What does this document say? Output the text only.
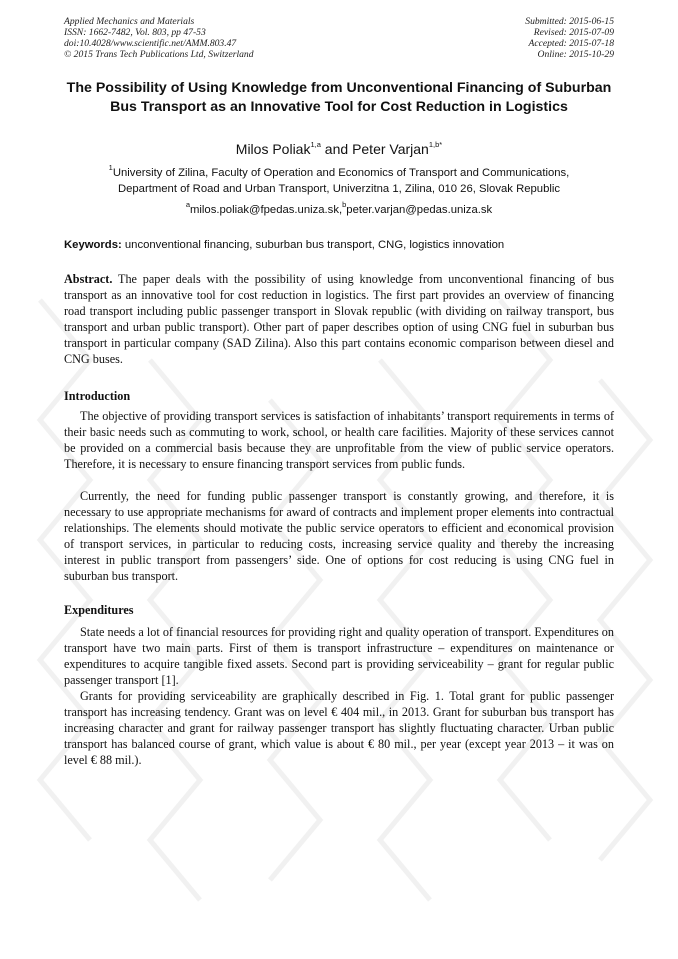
Applied Mechanics and Materials
ISSN: 1662-7482, Vol. 803, pp 47-53
doi:10.4028/www.scientific.net/AMM.803.47
© 2015 Trans Tech Publications Ltd, Switzerland
Submitted: 2015-06-15
Revised: 2015-07-09
Accepted: 2015-07-18
Online: 2015-10-29
The Possibility of Using Knowledge from Unconventional Financing of Suburban Bus Transport as an Innovative Tool for Cost Reduction in Logistics
Milos Poliak$^{1,a}$ and Peter Varjan$^{1,b*}$
$^1$University of Zilina, Faculty of Operation and Economics of Transport and Communications,
Department of Road and Urban Transport, Univerzitna 1, Zilina, 010 26, Slovak Republic
$^a$milos.poliak@fpedas.uniza.sk,$^b$peter.varjan@pedas.uniza.sk
Keywords: unconventional financing, suburban bus transport, CNG, logistics innovation

Abstract. The paper deals with the possibility of using knowledge from unconventional financing of bus transport as an innovative tool for cost reduction in logistics. The first part provides an overview of financing road transport including public passenger transport in Slovak republic (with dividing on railway transport, bus transport and urban public transport). Other part of paper describes option of using CNG fuel in suburban bus transport in particular company (SAD Zilina). Also this part contains economic comparison between diesel and CNG buses.

Introduction

The objective of providing transport services is satisfaction of inhabitants’ transport requirements in terms of their basic needs such as commuting to work, school, or health care facilities. Majority of these services cannot be provided on a commercial basis because they are unprofitable from the view of public service operators. Therefore, it is necessary to ensure financing transport services from public funds.

Currently, the need for funding public passenger transport is constantly growing, and therefore, it is necessary to use appropriate mechanisms for award of contracts and implement proper elements into contractual relationships. The elements should motivate the public service operators to efficient and economical provision of transport services, in particular to reducing costs, increasing service quality and thereby the increasing interest in public transport from passengers’ side. One of options for cost reducing is using CNG fuel in suburban bus transport.

Expenditures

State needs a lot of financial resources for providing right and quality operation of transport. Expenditures on transport have two main parts. First of them is transport infrastructure – expenditures on maintenance or expenditures to acquire tangible fixed assets. Second part is providing serviceability – grant for regular public passenger transport [1].

Grants for providing serviceability are graphically described in Fig. 1. Total grant for public passenger transport has increasing tendency. Grant was on level € 404 mil., in 2013. Grant for suburban bus transport has increasing character and grant for railway passenger transport has slightly fluctuating character. Urban public transport has balanced course of grant, which value is about € 80 mil., per year (except year 2013 – it was on level € 88 mil.).
